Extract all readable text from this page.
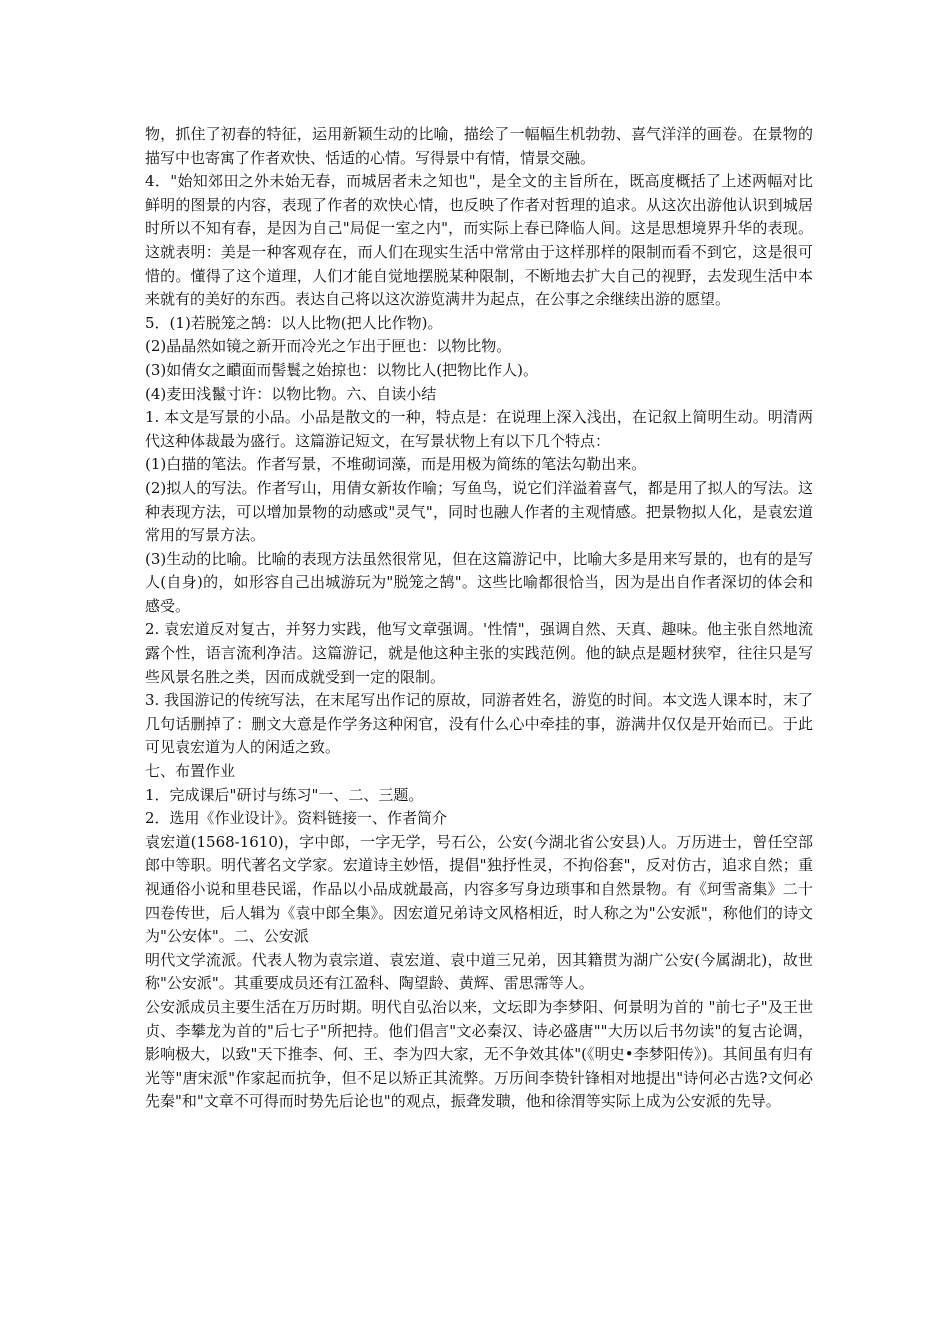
物，抓住了初春的特征，运用新颖生动的比喻，描绘了一幅幅生机勃勃、喜气洋洋的画卷。在景物的描写中也寄寓了作者欢快、恬适的心情。写得景中有情，情景交融。

4．"始知郊田之外未始无春，而城居者未之知也"，是全文的主旨所在，既高度概括了上述两幅对比鲜明的图景的内容，表现了作者的欢快心情，也反映了作者对哲理的追求。从这次出游他认识到城居时所以不知有春，是因为自己"局促一室之内"，而实际上春已降临人间。这是思想境界升华的表现。这就表明：美是一种客观存在，而人们在现实生活中常常由于这样那样的限制而看不到它，这是很可惜的。懂得了这个道理，人们才能自觉地摆脱某种限制，不断地去扩大自己的视野，去发现生活中本来就有的美好的东西。表达自己将以这次游览满井为起点，在公事之余继续出游的愿望。

5．(1)若脱笼之鹄：以人比物(把人比作物)。

(2)晶晶然如镜之新开而冷光之乍出于匣也：以物比物。

(3)如倩女之靧面而髻鬟之始掠也：以物比人(把物比作人)。

(4)麦田浅鬣寸许：以物比物。六、自读小结

1. 本文是写景的小品。小品是散文的一种，特点是：在说理上深入浅出，在记叙上简明生动。明清两代这种体裁最为盛行。这篇游记短文，在写景状物上有以下几个特点：

(1)白描的笔法。作者写景，不堆砌词藻，而是用极为简练的笔法勾勒出来。

(2)拟人的写法。作者写山，用倩女新妆作喻；写鱼鸟，说它们洋溢着喜气，都是用了拟人的写法。这种表现方法，可以增加景物的动感或"灵气"，同时也融人作者的主观情感。把景物拟人化，是袁宏道常用的写景方法。

(3)生动的比喻。比喻的表现方法虽然很常见，但在这篇游记中，比喻大多是用来写景的，也有的是写人(自身)的，如形容自己出城游玩为"脱笼之鹄"。这些比喻都很恰当，因为是出自作者深切的体会和感受。

2. 袁宏道反对复古，并努力实践，他写文章强调。'性情"，强调自然、天真、趣味。他主张自然地流露个性，语言流利净洁。这篇游记，就是他这种主张的实践范例。他的缺点是题材狭窄，往往只是写些风景名胜之类，因而成就受到一定的限制。

3. 我国游记的传统写法，在末尾写出作记的原故，同游者姓名，游览的时间。本文选人课本时，末了几句话删掉了：删文大意是作学务这种闲官，没有什么心中牵挂的事，游满井仅仅是开始而已。于此可见袁宏道为人的闲适之致。

七、布置作业

1．完成课后"研讨与练习"一、二、三题。

2．选用《作业设计》。资料链接一、作者简介

袁宏道(1568-1610)，字中郎，一字无学，号石公，公安(今湖北省公安县)人。万历进士，曾任空部郎中等职。明代著名文学家。宏道诗主妙悟，提倡"独抒性灵，不拘俗套"，反对仿古，追求自然；重视通俗小说和里巷民谣，作品以小品成就最高，内容多写身边琐事和自然景物。有《珂雪斋集》二十四卷传世，后人辑为《袁中郎全集》。因宏道兄弟诗文风格相近，时人称之为"公安派"，称他们的诗文为"公安体"。二、公安派

明代文学流派。代表人物为袁宗道、袁宏道、袁中道三兄弟，因其籍贯为湖广公安(今属湖北)，故世称"公安派"。其重要成员还有江盈科、陶望龄、黄辉、雷思霈等人。

公安派成员主要生活在万历时期。明代自弘治以来，文坛即为李梦阳、何景明为首的 "前七子"及王世贞、李攀龙为首的"后七子"所把持。他们倡言"文必秦汉、诗必盛唐""大历以后书勿读"的复古论调，影响极大，以致"天下推李、何、王、李为四大家，无不争效其体"(《明史•李梦阳传》)。其间虽有归有光等"唐宋派"作家起而抗争，但不足以矫正其流弊。万历间李贽针锋相对地提出"诗何必古选?文何必先秦"和"文章不可得而时势先后论也"的观点，振聋发聩，他和徐渭等实际上成为公安派的先导。
